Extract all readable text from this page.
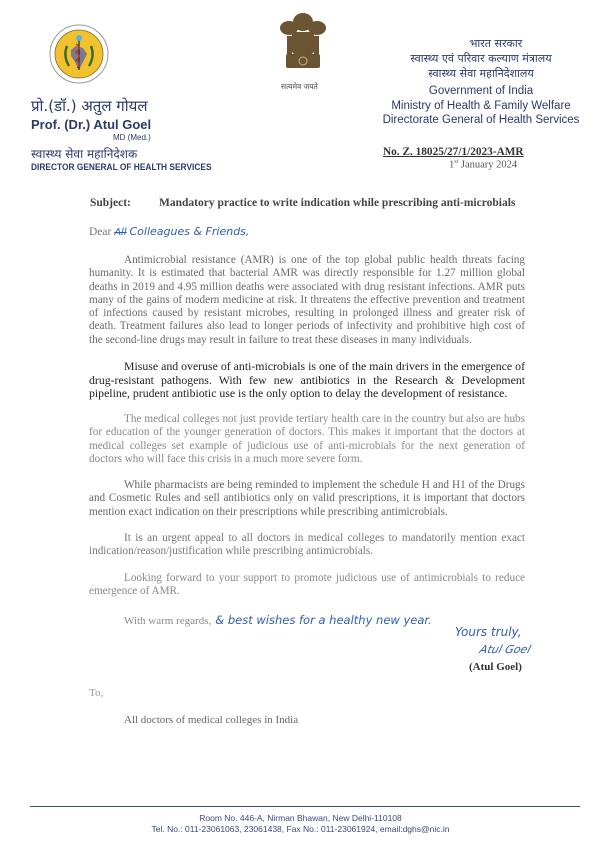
प्रो.(डॉ.) अतुल गोयल
Prof. (Dr.) Atul Goel
MD (Med.)
स्वास्थ्य सेवा महानिदेशक
DIRECTOR GENERAL OF HEALTH SERVICES
सत्यमेव जयते
भारत सरकार
स्वास्थ्य एवं परिवार कल्याण मंत्रालय
स्वास्थ्य सेवा महानिदेशालय
Government of India
Ministry of Health & Family Welfare
Directorate General of Health Services
No. Z. 18025/27/1/2023-AMR
1st January 2024
Subject: Mandatory practice to write indication while prescribing anti-microbials
Dear All Colleagues & Friends,

Antimicrobial resistance (AMR) is one of the top global public health threats facing humanity. It is estimated that bacterial AMR was directly responsible for 1.27 million global deaths in 2019 and 4.95 million deaths were associated with drug resistant infections. AMR puts many of the gains of modern medicine at risk. It threatens the effective prevention and treatment of infections caused by resistant microbes, resulting in prolonged illness and greater risk of death. Treatment failures also lead to longer periods of infectivity and prohibitive high cost of the second-line drugs may result in failure to treat these diseases in many individuals.

Misuse and overuse of anti-microbials is one of the main drivers in the emergence of drug-resistant pathogens. With few new antibiotics in the Research & Development pipeline, prudent antibiotic use is the only option to delay the development of resistance.

The medical colleges not just provide tertiary health care in the country but also are hubs for education of the younger generation of doctors. This makes it important that the doctors at medical colleges set example of judicious use of anti-microbials for the next generation of doctors who will face this crisis in a much more severe form.

While pharmacists are being reminded to implement the schedule H and H1 of the Drugs and Cosmetic Rules and sell antibiotics only on valid prescriptions, it is important that doctors mention exact indication on their prescriptions while prescribing antimicrobials.

It is an urgent appeal to all doctors in medical colleges to mandatorily mention exact indication/reason/justification while prescribing antimicrobials.

Looking forward to your support to promote judicious use of antimicrobials to reduce emergence of AMR.

With warm regards, & best wishes for a healthy new year.
Yours truly,
Atul Goel
(Atul Goel)
To,
All doctors of medical colleges in India
Room No. 446-A, Nirman Bhawan, New Delhi-110108
Tel. No.: 011-23061063, 23061438, Fax No.: 011-23061924, email:dghs@nic.in
